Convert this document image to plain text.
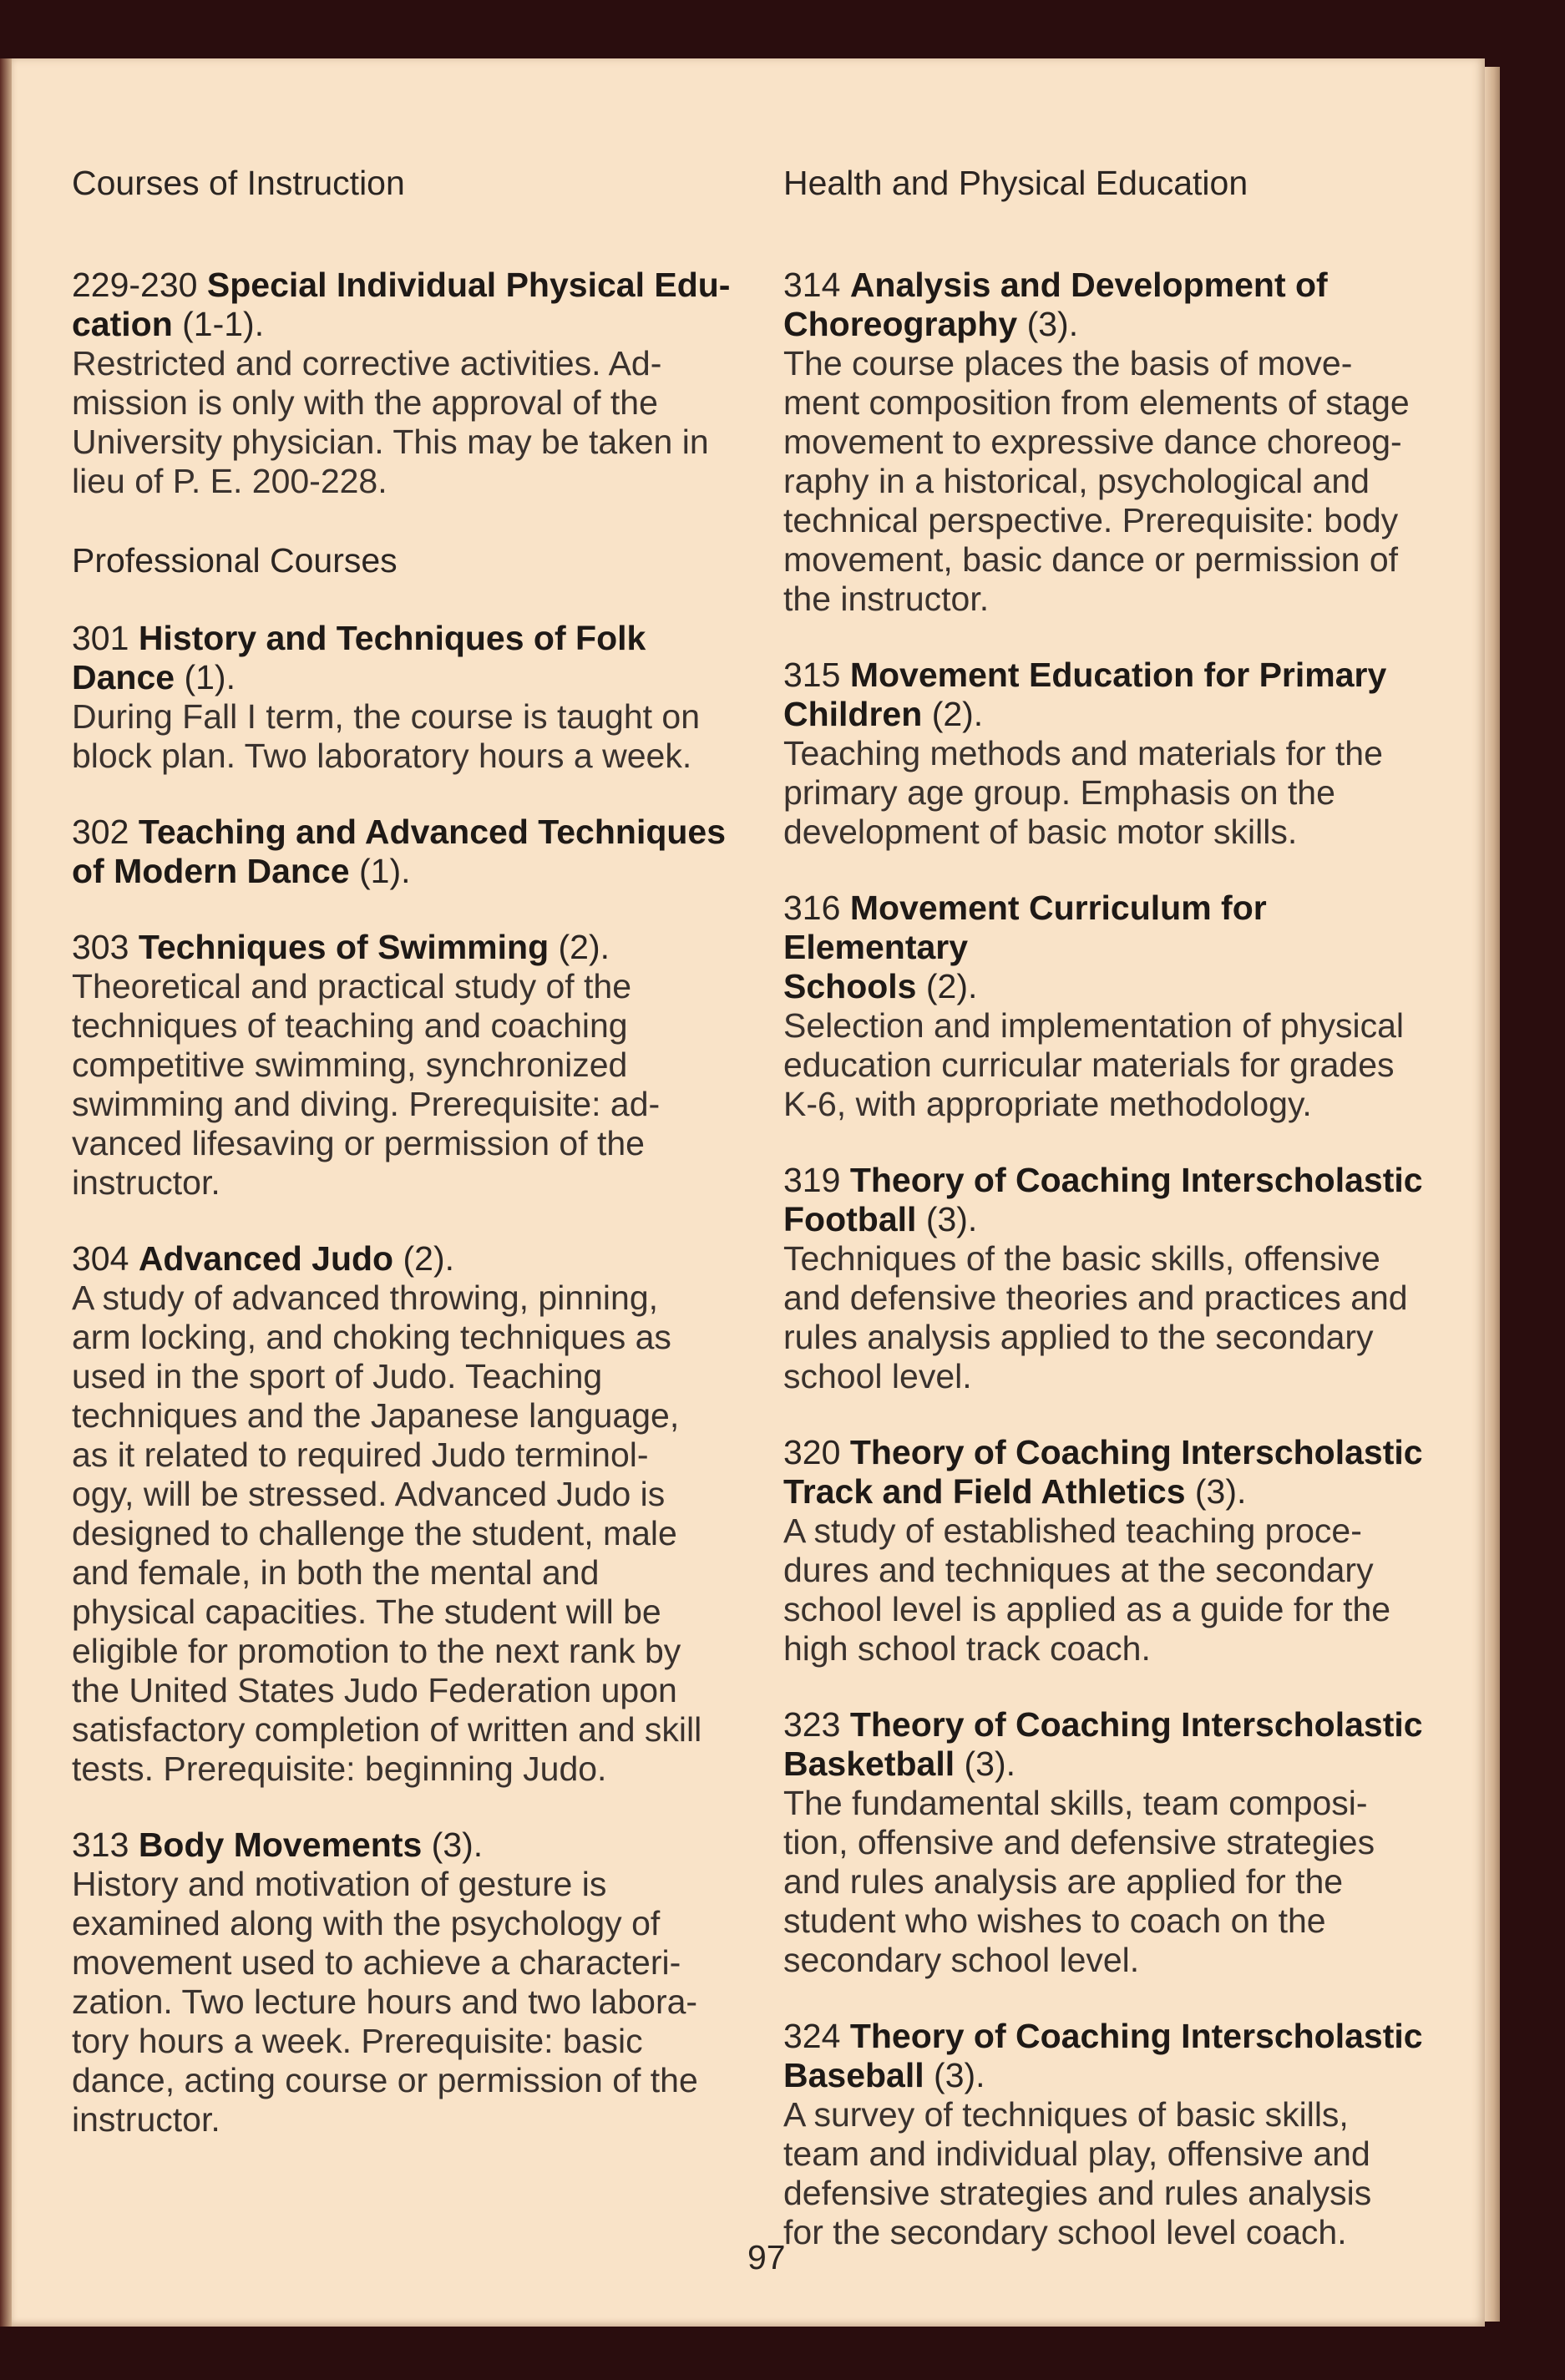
Courses of Instruction	Health and Physical Education

229-230 Special Individual Physical Edu-
cation (1-1).

Restricted and corrective activities. Ad-
mission is only with the approval of the
University physician. This may be taken in
lieu of P. E. 200-228.

Professional Courses

301 History and Techniques of Folk
Dance (1).

During Fall I term, the course is taught on
block plan. Two laboratory hours a week.

302 Teaching and Advanced Techniques
of Modern Dance (1).

303 Techniques of Swimming (2).

Theoretical and practical study of the
techniques of teaching and coaching
competitive swimming, synchronized
swimming and diving. Prerequisite: ad-
vanced lifesaving or permission of the
instructor.

304 Advanced Judo (2).

A study of advanced throwing, pinning,
arm locking, and choking techniques as
used in the sport of Judo. Teaching
techniques and the Japanese language,
as it related to required Judo terminol-
ogy, will be stressed. Advanced Judo is
designed to challenge the student, male
and female, in both the mental and
physical capacities. The student will be
eligible for promotion to the next rank by
the United States Judo Federation upon
satisfactory completion of written and skill
tests. Prerequisite: beginning Judo.

313 Body Movements (3).

History and motivation of gesture is
examined along with the psychology of
movement used to achieve a characteri-
zation. Two lecture hours and two labora-
tory hours a week. Prerequisite: basic
dance, acting course or permission of the
instructor.

314 Analysis and Development of
Choreography (3).

The course places the basis of move-
ment composition from elements of stage
movement to expressive dance choreog-
raphy in a historical, psychological and
technical perspective. Prerequisite: body
movement, basic dance or permission of
the instructor.

315 Movement Education for Primary
Children (2).

Teaching methods and materials for the
primary age group. Emphasis on the
development of basic motor skills.

316 Movement Curriculum for Elementary
Schools (2).

Selection and implementation of physical
education curricular materials for grades
K-6, with appropriate methodology.

319 Theory of Coaching Interscholastic
Football (3).

Techniques of the basic skills, offensive
and defensive theories and practices and
rules analysis applied to the secondary
school level.

320 Theory of Coaching Interscholastic
Track and Field Athletics (3).

A study of established teaching proce-
dures and techniques at the secondary
school level is applied as a guide for the
high school track coach.

323 Theory of Coaching Interscholastic
Basketball (3).

The fundamental skills, team composi-
tion, offensive and defensive strategies
and rules analysis are applied for the
student who wishes to coach on the
secondary school level.

324 Theory of Coaching Interscholastic
Baseball (3).

A survey of techniques of basic skills,
team and individual play, offensive and
defensive strategies and rules analysis
for the secondary school level coach.

97
